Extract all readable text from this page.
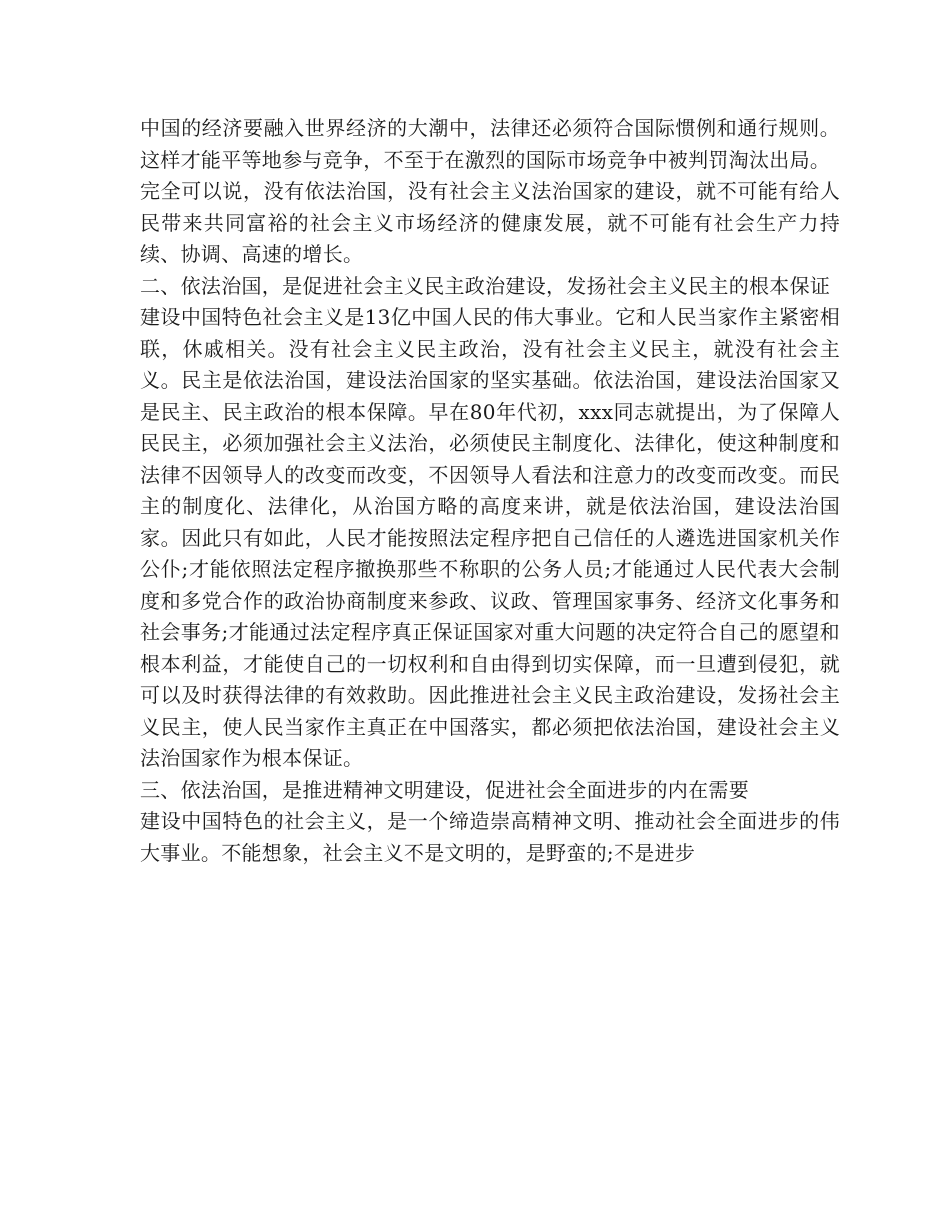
中国的经济要融入世界经济的大潮中，法律还必须符合国际惯例和通行规则。这样才能平等地参与竞争，不至于在激烈的国际市场竞争中被判罚淘汰出局。

完全可以说，没有依法治国，没有社会主义法治国家的建设，就不可能有给人民带来共同富裕的社会主义市场经济的健康发展，就不可能有社会生产力持续、协调、高速的增长。

二、依法治国，是促进社会主义民主政治建设，发扬社会主义民主的根本保证

建设中国特色社会主义是13亿中国人民的伟大事业。它和人民当家作主紧密相联，休戚相关。没有社会主义民主政治，没有社会主义民主，就没有社会主义。民主是依法治国，建设法治国家的坚实基础。依法治国，建设法治国家又是民主、民主政治的根本保障。早在80年代初，xxx同志就提出，为了保障人民民主，必须加强社会主义法治，必须使民主制度化、法律化，使这种制度和法律不因领导人的改变而改变，不因领导人看法和注意力的改变而改变。而民主的制度化、法律化，从治国方略的高度来讲，就是依法治国，建设法治国家。因此只有如此，人民才能按照法定程序把自己信任的人遴选进国家机关作公仆;才能依照法定程序撤换那些不称职的公务人员;才能通过人民代表大会制度和多党合作的政治协商制度来参政、议政、管理国家事务、经济文化事务和社会事务;才能通过法定程序真正保证国家对重大问题的决定符合自己的愿望和根本利益，才能使自己的一切权利和自由得到切实保障，而一旦遭到侵犯，就可以及时获得法律的有效救助。因此推进社会主义民主政治建设，发扬社会主义民主，使人民当家作主真正在中国落实，都必须把依法治国，建设社会主义法治国家作为根本保证。

三、依法治国，是推进精神文明建设，促进社会全面进步的内在需要

建设中国特色的社会主义，是一个缔造崇高精神文明、推动社会全面进步的伟大事业。不能想象，社会主义不是文明的，是野蛮的;不是进步
